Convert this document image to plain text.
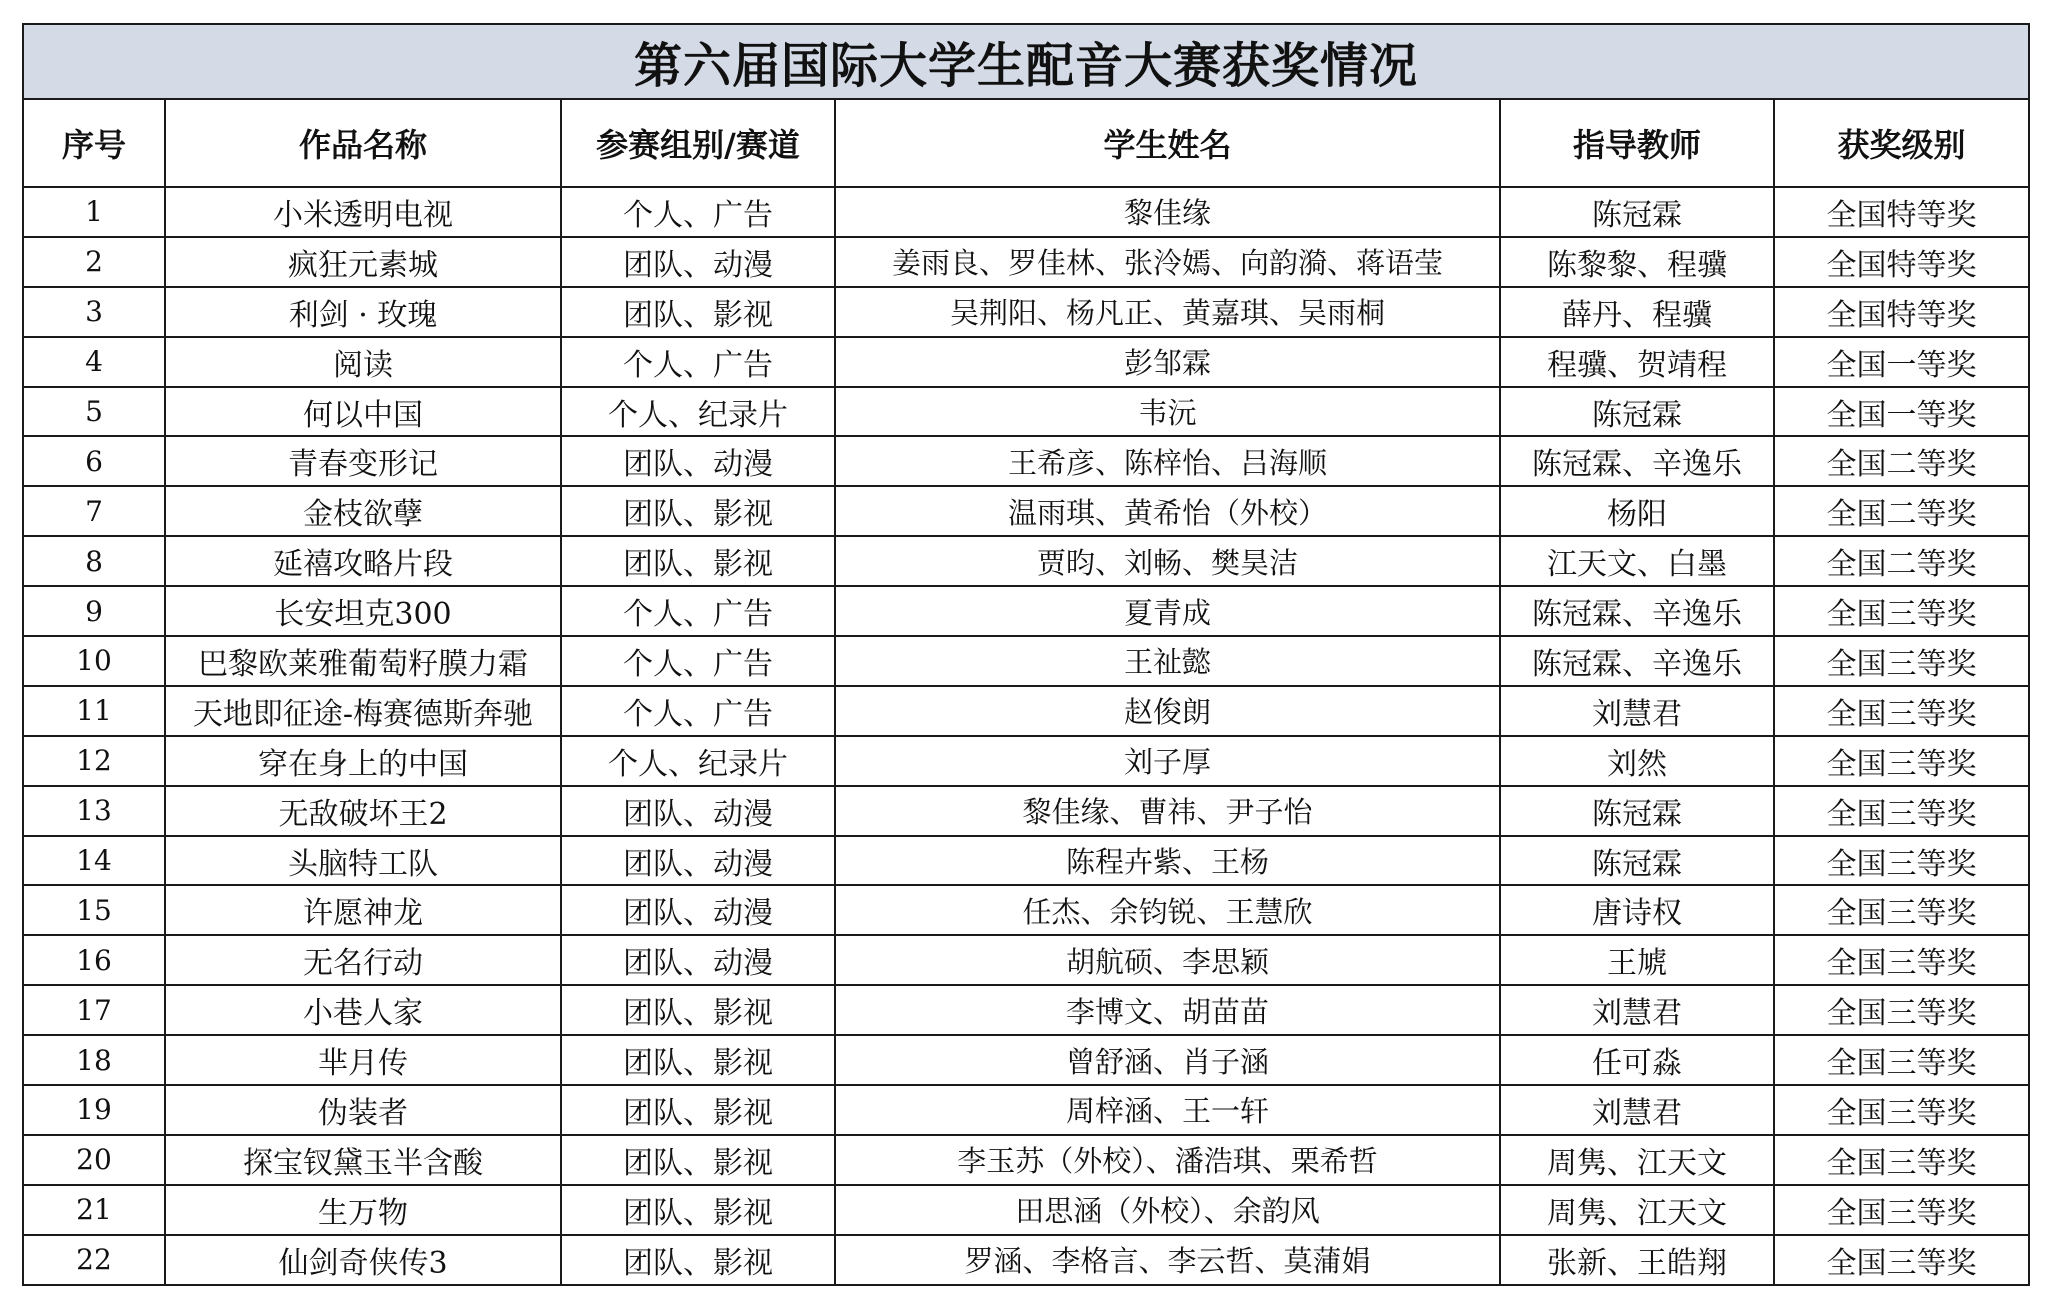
第六届国际大学生配音大赛获奖情况					
序号	作品名称	参赛组别/赛道	学生姓名	指导教师	获奖级别
1	小米透明电视	个人、广告	黎佳缘	陈冠霖	全国特等奖
2	疯狂元素城	团队、动漫	姜雨良、罗佳林、张泠嫣、向韵漪、蒋语莹	陈黎黎、程骥	全国特等奖
3	利剑 · 玫瑰	团队、影视	吴荆阳、杨凡正、黄嘉琪、吴雨桐	薛丹、程骥	全国特等奖
4	阅读	个人、广告	彭邹霖	程骥、贺靖程	全国一等奖
5	何以中国	个人、纪录片	韦沅	陈冠霖	全国一等奖
6	青春变形记	团队、动漫	王希彦、陈梓怡、吕海顺	陈冠霖、辛逸乐	全国二等奖
7	金枝欲孽	团队、影视	温雨琪、黄希怡（外校）	杨阳	全国二等奖
8	延禧攻略片段	团队、影视	贾昀、刘畅、樊昊洁	江天文、白墨	全国二等奖
9	长安坦克300	个人、广告	夏青成	陈冠霖、辛逸乐	全国三等奖
10	巴黎欧莱雅葡萄籽膜力霜	个人、广告	王祉懿	陈冠霖、辛逸乐	全国三等奖
11	天地即征途-梅赛德斯奔驰	个人、广告	赵俊朗	刘慧君	全国三等奖
12	穿在身上的中国	个人、纪录片	刘子厚	刘然	全国三等奖
13	无敌破坏王2	团队、动漫	黎佳缘、曹祎、尹子怡	陈冠霖	全国三等奖
14	头脑特工队	团队、动漫	陈程卉紫、王杨	陈冠霖	全国三等奖
15	许愿神龙	团队、动漫	任杰、余钧锐、王慧欣	唐诗权	全国三等奖
16	无名行动	团队、动漫	胡航硕、李思颖	王虓	全国三等奖
17	小巷人家	团队、影视	李博文、胡苗苗	刘慧君	全国三等奖
18	芈月传	团队、影视	曾舒涵、肖子涵	任可淼	全国三等奖
19	伪装者	团队、影视	周梓涵、王一轩	刘慧君	全国三等奖
20	探宝钗黛玉半含酸	团队、影视	李玉苏（外校）、潘浩琪、栗希哲	周隽、江天文	全国三等奖
21	生万物	团队、影视	田思涵（外校）、余韵风	周隽、江天文	全国三等奖
22	仙剑奇侠传3	团队、影视	罗涵、李格言、李云哲、莫蒲娟	张新、王皓翔	全国三等奖
